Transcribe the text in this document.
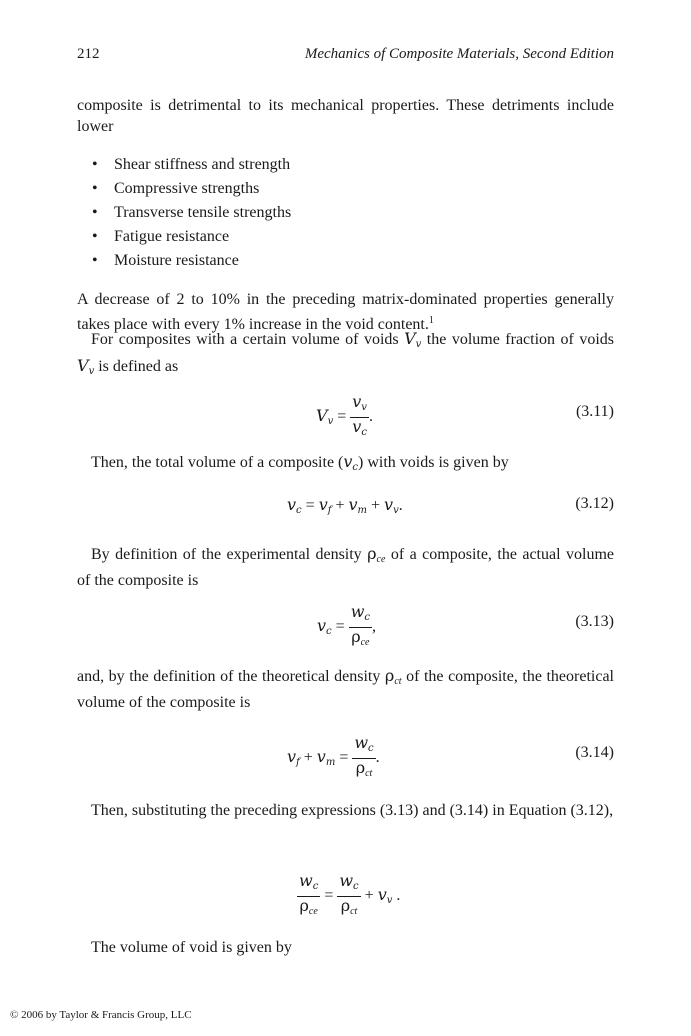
212	Mechanics of Composite Materials, Second Edition
composite is detrimental to its mechanical properties. These detriments include lower
• Shear stiffness and strength
• Compressive strengths
• Transverse tensile strengths
• Fatigue resistance
• Moisture resistance
A decrease of 2 to 10% in the preceding matrix-dominated properties generally takes place with every 1% increase in the void content.$^1$
For composites with a certain volume of voids $V_v$ the volume fraction of voids $V_v$ is defined as
$V_v = \frac{v_v}{v_c}$ .	(3.11)
Then, the total volume of a composite $(v_c)$ with voids is given by
$v_c = v_f + v_m + v_v$.	(3.12)
By definition of the experimental density $\rho_{ce}$ of a composite, the actual volume of the composite is
$v_c = \frac{w_c}{\rho_{ce}}$ ,	(3.13)
and, by the definition of the theoretical density $\rho_{ct}$ of the composite, the theoretical volume of the composite is
$v_f + v_m = \frac{w_c}{\rho_{ct}}$ .	(3.14)
Then, substituting the preceding expressions (3.13) and (3.14) in Equation (3.12),
$\frac{w_c}{\rho_{ce}} = \frac{w_c}{\rho_{ct}} + v_v$ .
The volume of void is given by
© 2006 by Taylor & Francis Group, LLC
